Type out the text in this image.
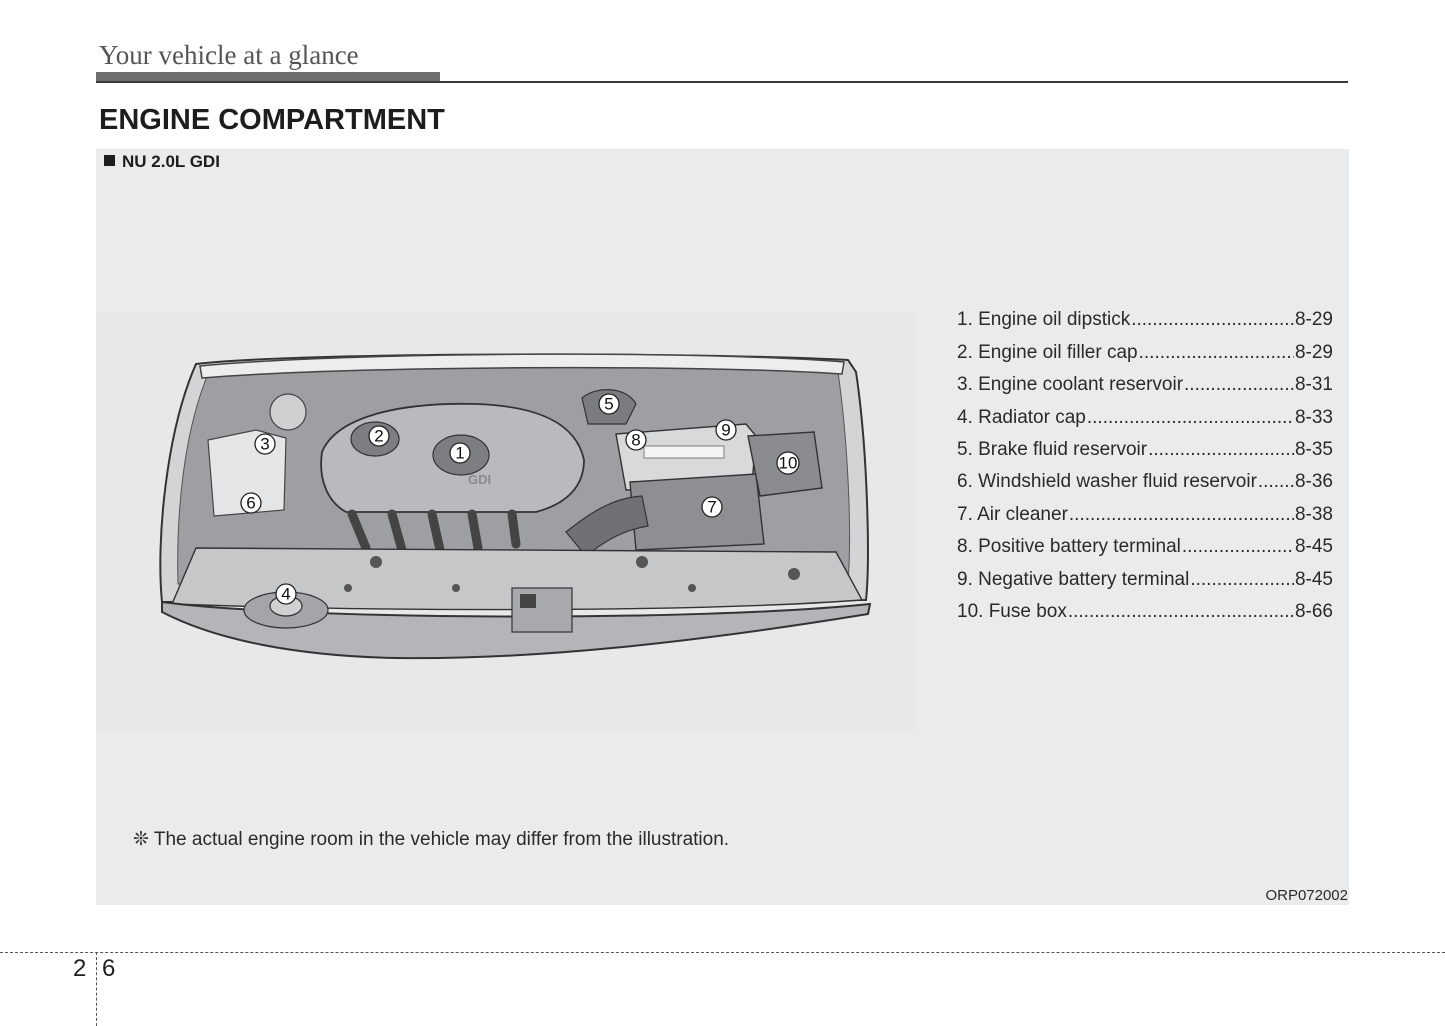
Your vehicle at a glance
ENGINE COMPARTMENT
NU 2.0L GDI
GDI
1
2
3
4
5
6	7
8
9
10
1. Engine oil dipstick .....	8-29
2. Engine oil filler cap .....	8-29
3. Engine coolant reservoir .....	8-31
4. Radiator cap .....	8-33
5. Brake fluid reservoir .....	8-35
6. Windshield washer fluid reservoir ..... 8-36
7. Air cleaner .....	8-38
8. Positive battery terminal .....	8-45
9. Negative battery terminal .....	8-45
10. Fuse box .....	8-66
❊ The actual engine room in the vehicle may differ from the illustration.
ORP072002
2 6
